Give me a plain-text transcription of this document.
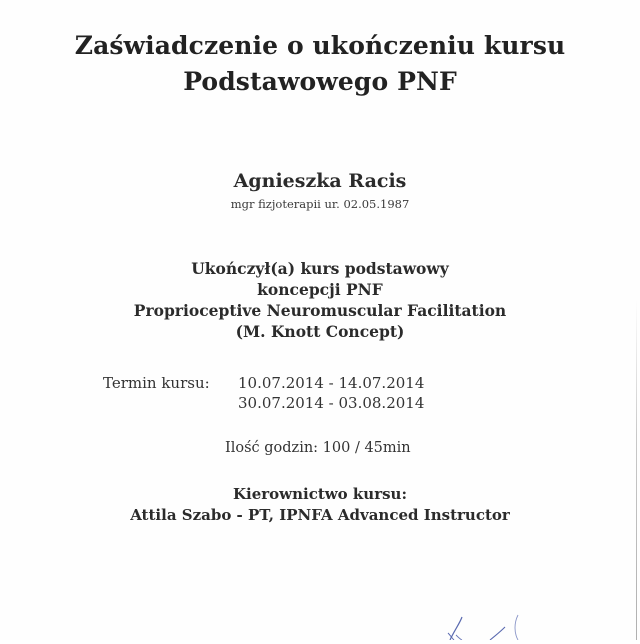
Zaświadczenie o ukończeniu kursu
Podstawowego PNF
Agnieszka Racis
mgr fizjoterapii ur. 02.05.1987
Ukończył(a) kurs podstawowy
koncepcji PNF
Proprioceptive Neuromuscular Facilitation
(M. Knott Concept)
Termin kursu: 10.07.2014 - 14.07.2014
30.07.2014 - 03.08.2014
Ilość godzin: 100 / 45min
Kierownictwo kursu:
Attila Szabo - PT, IPNFA Advanced Instructor
